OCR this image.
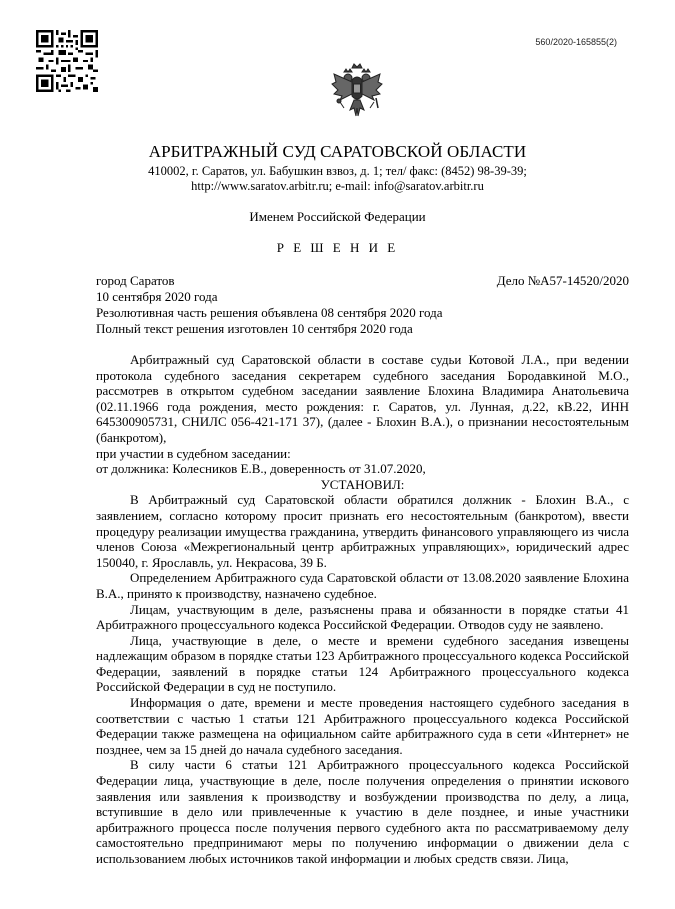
560/2020-165855(2)
АРБИТРАЖНЫЙ СУД САРАТОВСКОЙ ОБЛАСТИ
410002, г. Саратов, ул. Бабушкин взвоз, д. 1; тел/ факс: (8452) 98-39-39;
http://www.saratov.arbitr.ru; e-mail: info@saratov.arbitr.ru
Именем Российской Федерации
Р Е Ш Е Н И Е
город Саратов	Дело №А57-14520/2020
10 сентября 2020 года
Резолютивная часть решения объявлена 08 сентября 2020 года
Полный текст решения изготовлен 10 сентября 2020 года

Арбитражный суд Саратовской области в составе судьи Котовой Л.А., при ведении протокола судебного заседания секретарем судебного заседания Бородавкиной М.О., рассмотрев в открытом судебном заседании заявление Блохина Владимира Анатольевича (02.11.1966 года рождения, место рождения: г. Саратов, ул. Лунная, д.22, кВ.22, ИНН 645300905731, СНИЛС 056-421-171 37), (далее - Блохин В.А.), о признании несостоятельным (банкротом),

при участии в судебном заседании:

от должника: Колесников Е.В., доверенность от 31.07.2020,

УСТАНОВИЛ:

В Арбитражный суд Саратовской области обратился должник - Блохин В.А., с заявлением, согласно которому просит признать его несостоятельным (банкротом), ввести процедуру реализации имущества гражданина, утвердить финансового управляющего из числа членов Союза «Межрегиональный центр арбитражных управляющих», юридический адрес 150040, г. Ярославль, ул. Некрасова, 39 Б.

Определением Арбитражного суда Саратовской области от 13.08.2020 заявление Блохина В.А., принято к производству, назначено судебное.

Лицам, участвующим в деле, разъяснены права и обязанности в порядке статьи 41 Арбитражного процессуального кодекса Российской Федерации. Отводов суду не заявлено.

Лица, участвующие в деле, о месте и времени судебного заседания извещены надлежащим образом в порядке статьи 123 Арбитражного процессуального кодекса Российской Федерации, заявлений в порядке статьи 124 Арбитражного процессуального кодекса Российской Федерации в суд не поступило.

Информация о дате, времени и месте проведения настоящего судебного заседания в соответствии с частью 1 статьи 121 Арбитражного процессуального кодекса Российской Федерации также размещена на официальном сайте арбитражного суда в сети «Интернет» не позднее, чем за 15 дней до начала судебного заседания.

В силу части 6 статьи 121 Арбитражного процессуального кодекса Российской Федерации лица, участвующие в деле, после получения определения о принятии искового заявления или заявления к производству и возбуждении производства по делу, а лица, вступившие в дело или привлеченные к участию в деле позднее, и иные участники арбитражного процесса после получения первого судебного акта по рассматриваемому делу самостоятельно предпринимают меры по получению информации о движении дела с использованием любых источников такой информации и любых средств связи. Лица,
